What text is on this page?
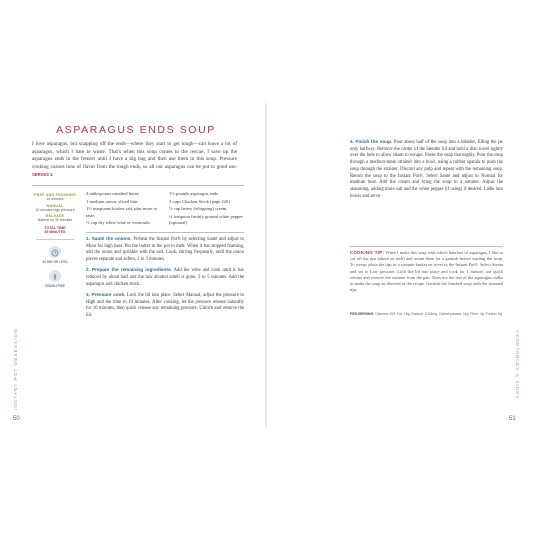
ASPARAGUS ENDS SOUP
I love asparagus, but snapping off the ends—where they start to get tough—can leave a lot of asparagus, which I hate to waste. That's when this soup comes to the rescue. I save up the asparagus ends in the freezer until I have a big bag and then use them in this soup. Pressure cooking coaxes tons of flavor from the tough ends, so all our asparagus can be put to good use. SERVES 4
PREP AND FINISHING
15 minutes
MANUAL
10 minutes high pressure
RELEASE
Natural for 10 minutes
TOTAL TIME
35 MINUTES
30 MIN OR LESS
GRAIN-FREE
3 tablespoons unsalted butter
1 medium onion, sliced thin
1½ teaspoons kosher salt, plus more to taste
½ cup dry white wine or vermouth
1½ pounds asparagus ends
3 cups Chicken Stock (page 226)
½ cup heavy (whipping) cream
¼ teaspoon freshly ground white pepper (optional)

1. Sauté the onions. Preheat the Instant Pot® by selecting Sauté and adjust to More for high heat. Put the butter in the pot to melt. When it has stopped foaming, add the onion and sprinkle with the salt. Cook, stirring frequently, until the onion pieces separate and soften, 2 to 3 minutes.

2. Prepare the remaining ingredients. Add the wine and cook until it has reduced by about half and the raw alcohol smell is gone, 3 to 5 minutes. Add the asparagus and chicken stock.

3. Pressure cook. Lock the lid into place. Select Manual; adjust the pressure to High and the time to 10 minutes. After cooking, let the pressure release naturally for 10 minutes, then quick release any remaining pressure. Unlock and remove the lid.

4. Finish the soup. Pour about half of the soup into a blender, filling the jar only halfway. Remove the center of the blender lid and hold a dish towel tightly over the hole to allow steam to escape. Purée the soup thoroughly. Pour the soup through a medium-mesh strainer into a bowl, using a rubber spatula to push the soup through the strainer. Discard any pulp and repeat with the remaining soup. Return the soup to the Instant Pot®. Select Sauté and adjust to Normal for medium heat. Add the cream and bring the soup to a simmer. Adjust the seasoning, adding more salt and the white pepper (if using) if desired. Ladle into bowls and serve.
COOKING TIP: When I make this soup with whole bunches of asparagus, I like to cut off the tips (about an inch) and steam them for a garnish before starting the soup. To steam, place the tips in a steamer basket on trivet in the Instant Pot®. Select Steam and set to Low pressure. Lock the lid into place and cook for 1 minute; use quick release and remove the steamer from the pan. Then use the rest of the asparagus stalks to make the soup as directed in the recipe. Garnish the finished soup with the steamed tips.
PER SERVING: Calories: 202; Fat: 15g; Sodium: 1028mg; Carbohydrates: 11g; Fiber: 4g; Protein: 5g
INSTANT POT OBSESSION	VEGETABLES & SIDES
50	51
